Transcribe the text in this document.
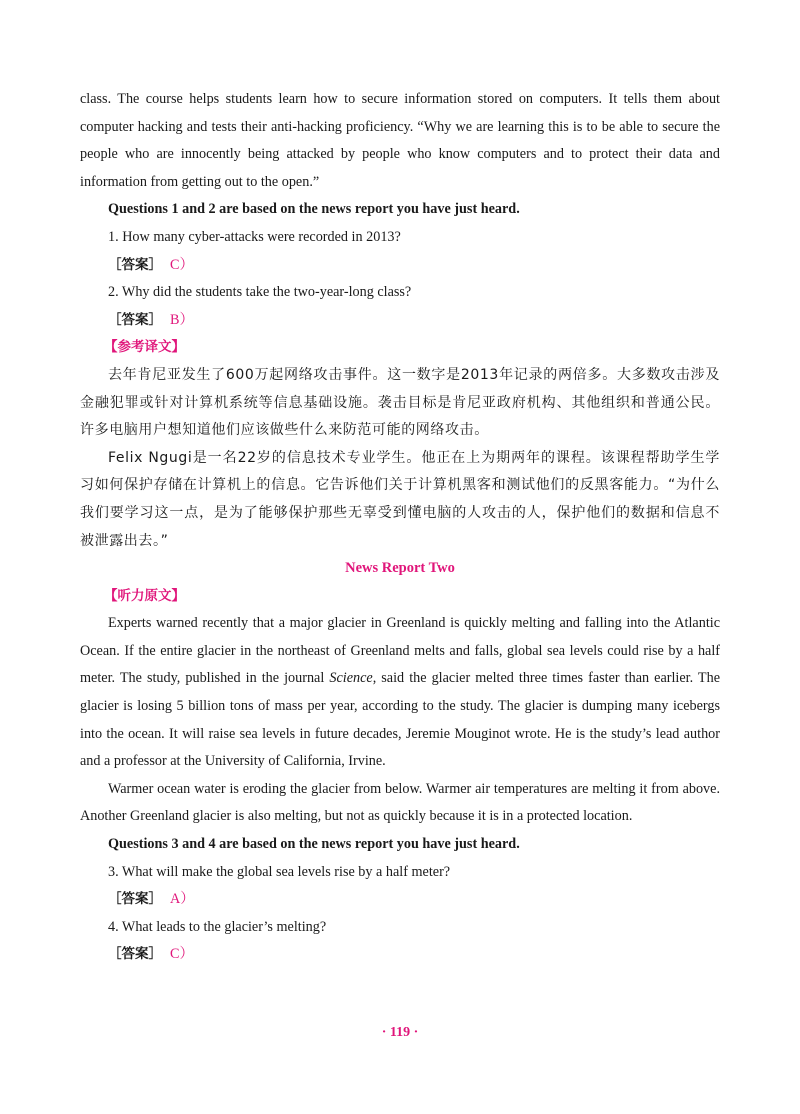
class. The course helps students learn how to secure information stored on computers. It tells them about computer hacking and tests their anti-hacking proficiency. “Why we are learning this is to be able to secure the people who are innocently being attacked by people who know computers and to protect their data and information from getting out to the open.”

Questions 1 and 2 are based on the news report you have just heard.

1. How many cyber-attacks were recorded in 2013?

［答案］ C）

2. Why did the students take the two-year-long class?

［答案］ B）

【参考译文】

去年肯尼亚发生了600万起网络攻击事件。这一数字是2013年记录的两倍多。大多数攻击涉及金融犯罪或针对计算机系统等信息基础设施。袭击目标是肯尼亚政府机构、其他组织和普通公民。许多电脑用户想知道他们应该做些什么来防范可能的网络攻击。

Felix Ngugi是一名22岁的信息技术专业学生。他正在上为期两年的课程。该课程帮助学生学习如何保护存储在计算机上的信息。它告诉他们关于计算机黑客和测试他们的反黑客能力。“为什么我们要学习这一点，是为了能够保护那些无辜受到懂电脑的人攻击的人，保护他们的数据和信息不被泄露出去。”

News Report Two

【听力原文】

Experts warned recently that a major glacier in Greenland is quickly melting and falling into the Atlantic Ocean. If the entire glacier in the northeast of Greenland melts and falls, global sea levels could rise by a half meter. The study, published in the journal Science, said the glacier melted three times faster than earlier. The glacier is losing 5 billion tons of mass per year, according to the study. The glacier is dumping many icebergs into the ocean. It will raise sea levels in future decades, Jeremie Mouginot wrote. He is the study’s lead author and a professor at the University of California, Irvine.

Warmer ocean water is eroding the glacier from below. Warmer air temperatures are melting it from above. Another Greenland glacier is also melting, but not as quickly because it is in a protected location.

Questions 3 and 4 are based on the news report you have just heard.

3. What will make the global sea levels rise by a half meter?

［答案］ A）

4. What leads to the glacier’s melting?

［答案］ C）

· 119 ·
